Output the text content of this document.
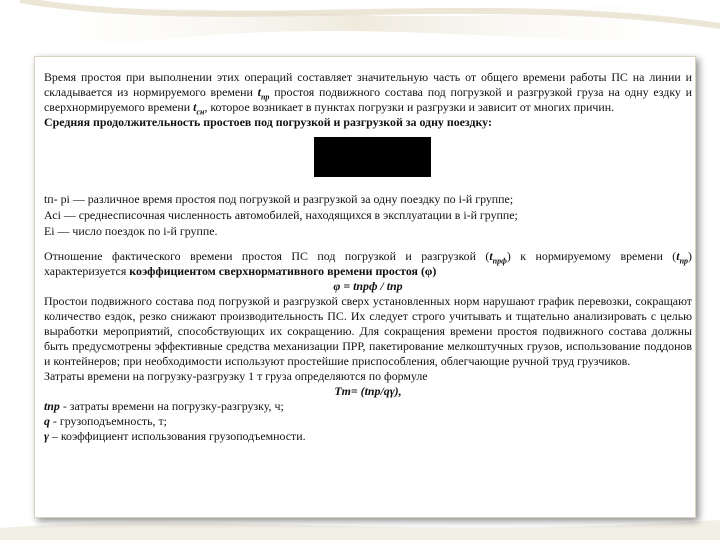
Время простоя при выполнении этих операций составляет значительную часть от общего времени работы ПС на линии и складывается из нормируемого времени $t_{пр}$ простоя подвижного состава под погрузкой и разгрузкой груза на одну ездку и сверхнормируемого времени $t_{сн}$, которое возникает в пунктах погрузки и разгрузки и зависит от многих причин.

Средняя продолжительность простоев под погрузкой и разгрузкой за одну поездку:

tп- рi — различное время простоя под погрузкой и разгрузкой за одну поездку по i-й группе;
Асi — среднесписочная численность автомобилей, находящихся в эксплуатации в i-й группе;
Ei — число поездок по i-й группе.

Отношение фактического времени простоя ПС под погрузкой и разгрузкой $(t_{прф})$ к нормируемому времени $(t_{пр})$ характеризуется коэффициентом сверхнормативного времени простоя (φ)

φ = tпрф / tпр

Простои подвижного состава под погрузкой и разгрузкой сверх установленных норм нарушают график перевозки, сокращают количество ездок, резко снижают производительность ПС. Их следует строго учитывать и тщательно анализировать с целью выработки мероприятий, способствующих их сокращению. Для сокращения времени простоя подвижного состава должны быть предусмотрены эффективные средства механизации ПРР, пакетирование мелкоштучных грузов, использование поддонов и контейнеров; при необходимости используют простейшие приспособления, облегчающие ручной труд грузчиков.

Затраты времени на погрузку-разгрузку 1 т груза определяются по формуле

Tт= (tпр/qγ),

tпр - затраты времени на погрузку-разгрузку, ч;
q - грузоподъемность, т;
γ – коэффициент использования грузоподъемности.
